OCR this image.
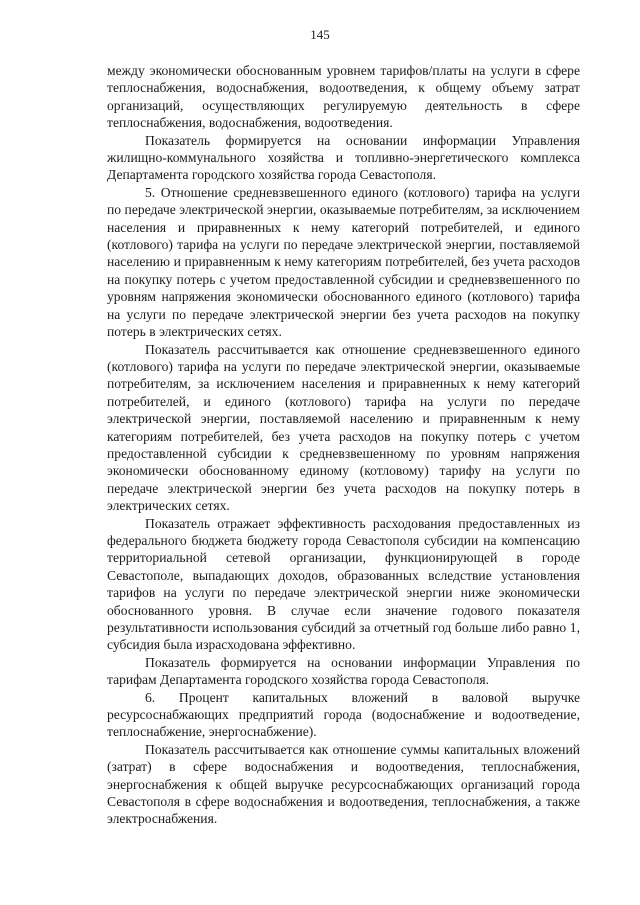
145

между экономически обоснованным уровнем тарифов/платы на услуги в сфере теплоснабжения, водоснабжения, водоотведения, к общему объему затрат организаций, осуществляющих регулируемую деятельность в сфере теплоснабжения, водоснабжения, водоотведения.

Показатель формируется на основании информации Управления жилищно-коммунального хозяйства и топливно-энергетического комплекса Департамента городского хозяйства города Севастополя.

5. Отношение средневзвешенного единого (котлового) тарифа на услуги по передаче электрической энергии, оказываемые потребителям, за исключением населения и приравненных к нему категорий потребителей, и единого (котлового) тарифа на услуги по передаче электрической энергии, поставляемой населению и приравненным к нему категориям потребителей, без учета расходов на покупку потерь с учетом предоставленной субсидии и средневзвешенного по уровням напряжения экономически обоснованного единого (котлового) тарифа на услуги по передаче электрической энергии без учета расходов на покупку потерь в электрических сетях.

Показатель рассчитывается как отношение средневзвешенного единого (котлового) тарифа на услуги по передаче электрической энергии, оказываемые потребителям, за исключением населения и приравненных к нему категорий потребителей, и единого (котлового) тарифа на услуги по передаче электрической энергии, поставляемой населению и приравненным к нему категориям потребителей, без учета расходов на покупку потерь с учетом предоставленной субсидии к средневзвешенному по уровням напряжения экономически обоснованному единому (котловому) тарифу на услуги по передаче электрической энергии без учета расходов на покупку потерь в электрических сетях.

Показатель отражает эффективность расходования предоставленных из федерального бюджета бюджету города Севастополя субсидии на компенсацию территориальной сетевой организации, функционирующей в городе Севастополе, выпадающих доходов, образованных вследствие установления тарифов на услуги по передаче электрической энергии ниже экономически обоснованного уровня. В случае если значение годового показателя результативности использования субсидий за отчетный год больше либо равно 1, субсидия была израсходована эффективно.

Показатель формируется на основании информации Управления по тарифам Департамента городского хозяйства города Севастополя.

6. Процент капитальных вложений в валовой выручке ресурсоснабжающих предприятий города (водоснабжение и водоотведение, теплоснабжение, энергоснабжение).

Показатель рассчитывается как отношение суммы капитальных вложений (затрат) в сфере водоснабжения и водоотведения, теплоснабжения, энергоснабжения к общей выручке ресурсоснабжающих организаций города Севастополя в сфере водоснабжения и водоотведения, теплоснабжения, а также электроснабжения.
